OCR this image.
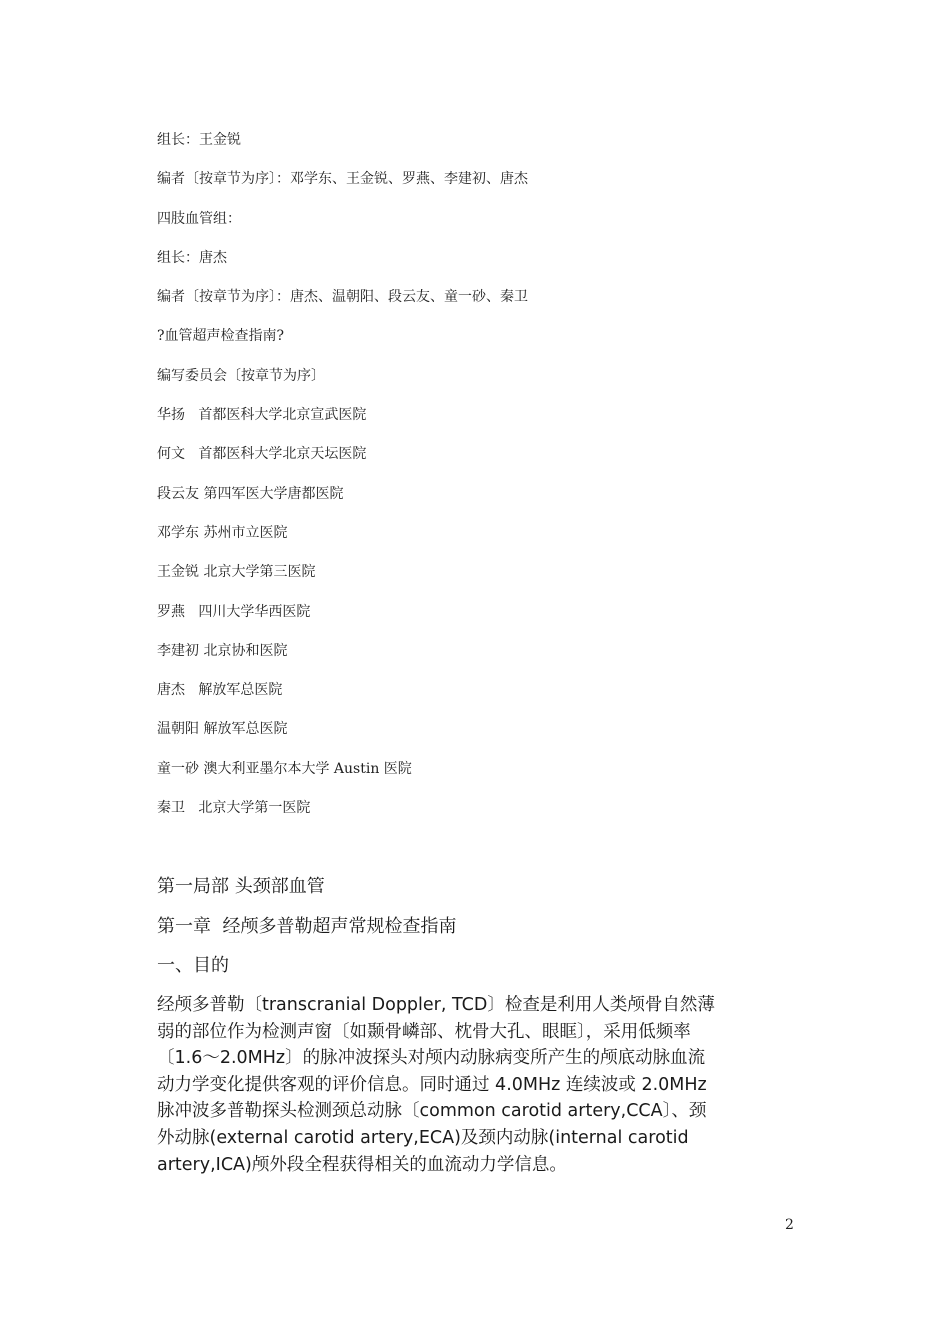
组长：王金锐
编者〔按章节为序〕：邓学东、王金锐、罗燕、李建初、唐杰
四肢血管组：
组长：唐杰
编者〔按章节为序〕：唐杰、温朝阳、段云友、童一砂、秦卫
?血管超声检查指南?
编写委员会〔按章节为序〕
华扬   首都医科大学北京宣武医院
何文   首都医科大学北京天坛医院
段云友 第四军医大学唐都医院
邓学东 苏州市立医院
王金锐 北京大学第三医院
罗燕   四川大学华西医院
李建初 北京协和医院
唐杰   解放军总医院
温朝阳 解放军总医院
童一砂 澳大利亚墨尔本大学 Austin 医院
秦卫   北京大学第一医院
第一局部 头颈部血管
第一章  经颅多普勒超声常规检查指南
一、目的
经颅多普勒〔transcranial Doppler, TCD〕检查是利用人类颅骨自然薄
弱的部位作为检测声窗〔如颞骨嶙部、枕骨大孔、眼眶〕，采用低频率
〔1.6～2.0MHz〕的脉冲波探头对颅内动脉病变所产生的颅底动脉血流
动力学变化提供客观的评价信息。同时通过 4.0MHz 连续波或 2.0MHz
脉冲波多普勒探头检测颈总动脉〔common carotid artery,CCA〕、颈
外动脉(external carotid artery,ECA)及颈内动脉(internal carotid
artery,ICA)颅外段全程获得相关的血流动力学信息。
2
